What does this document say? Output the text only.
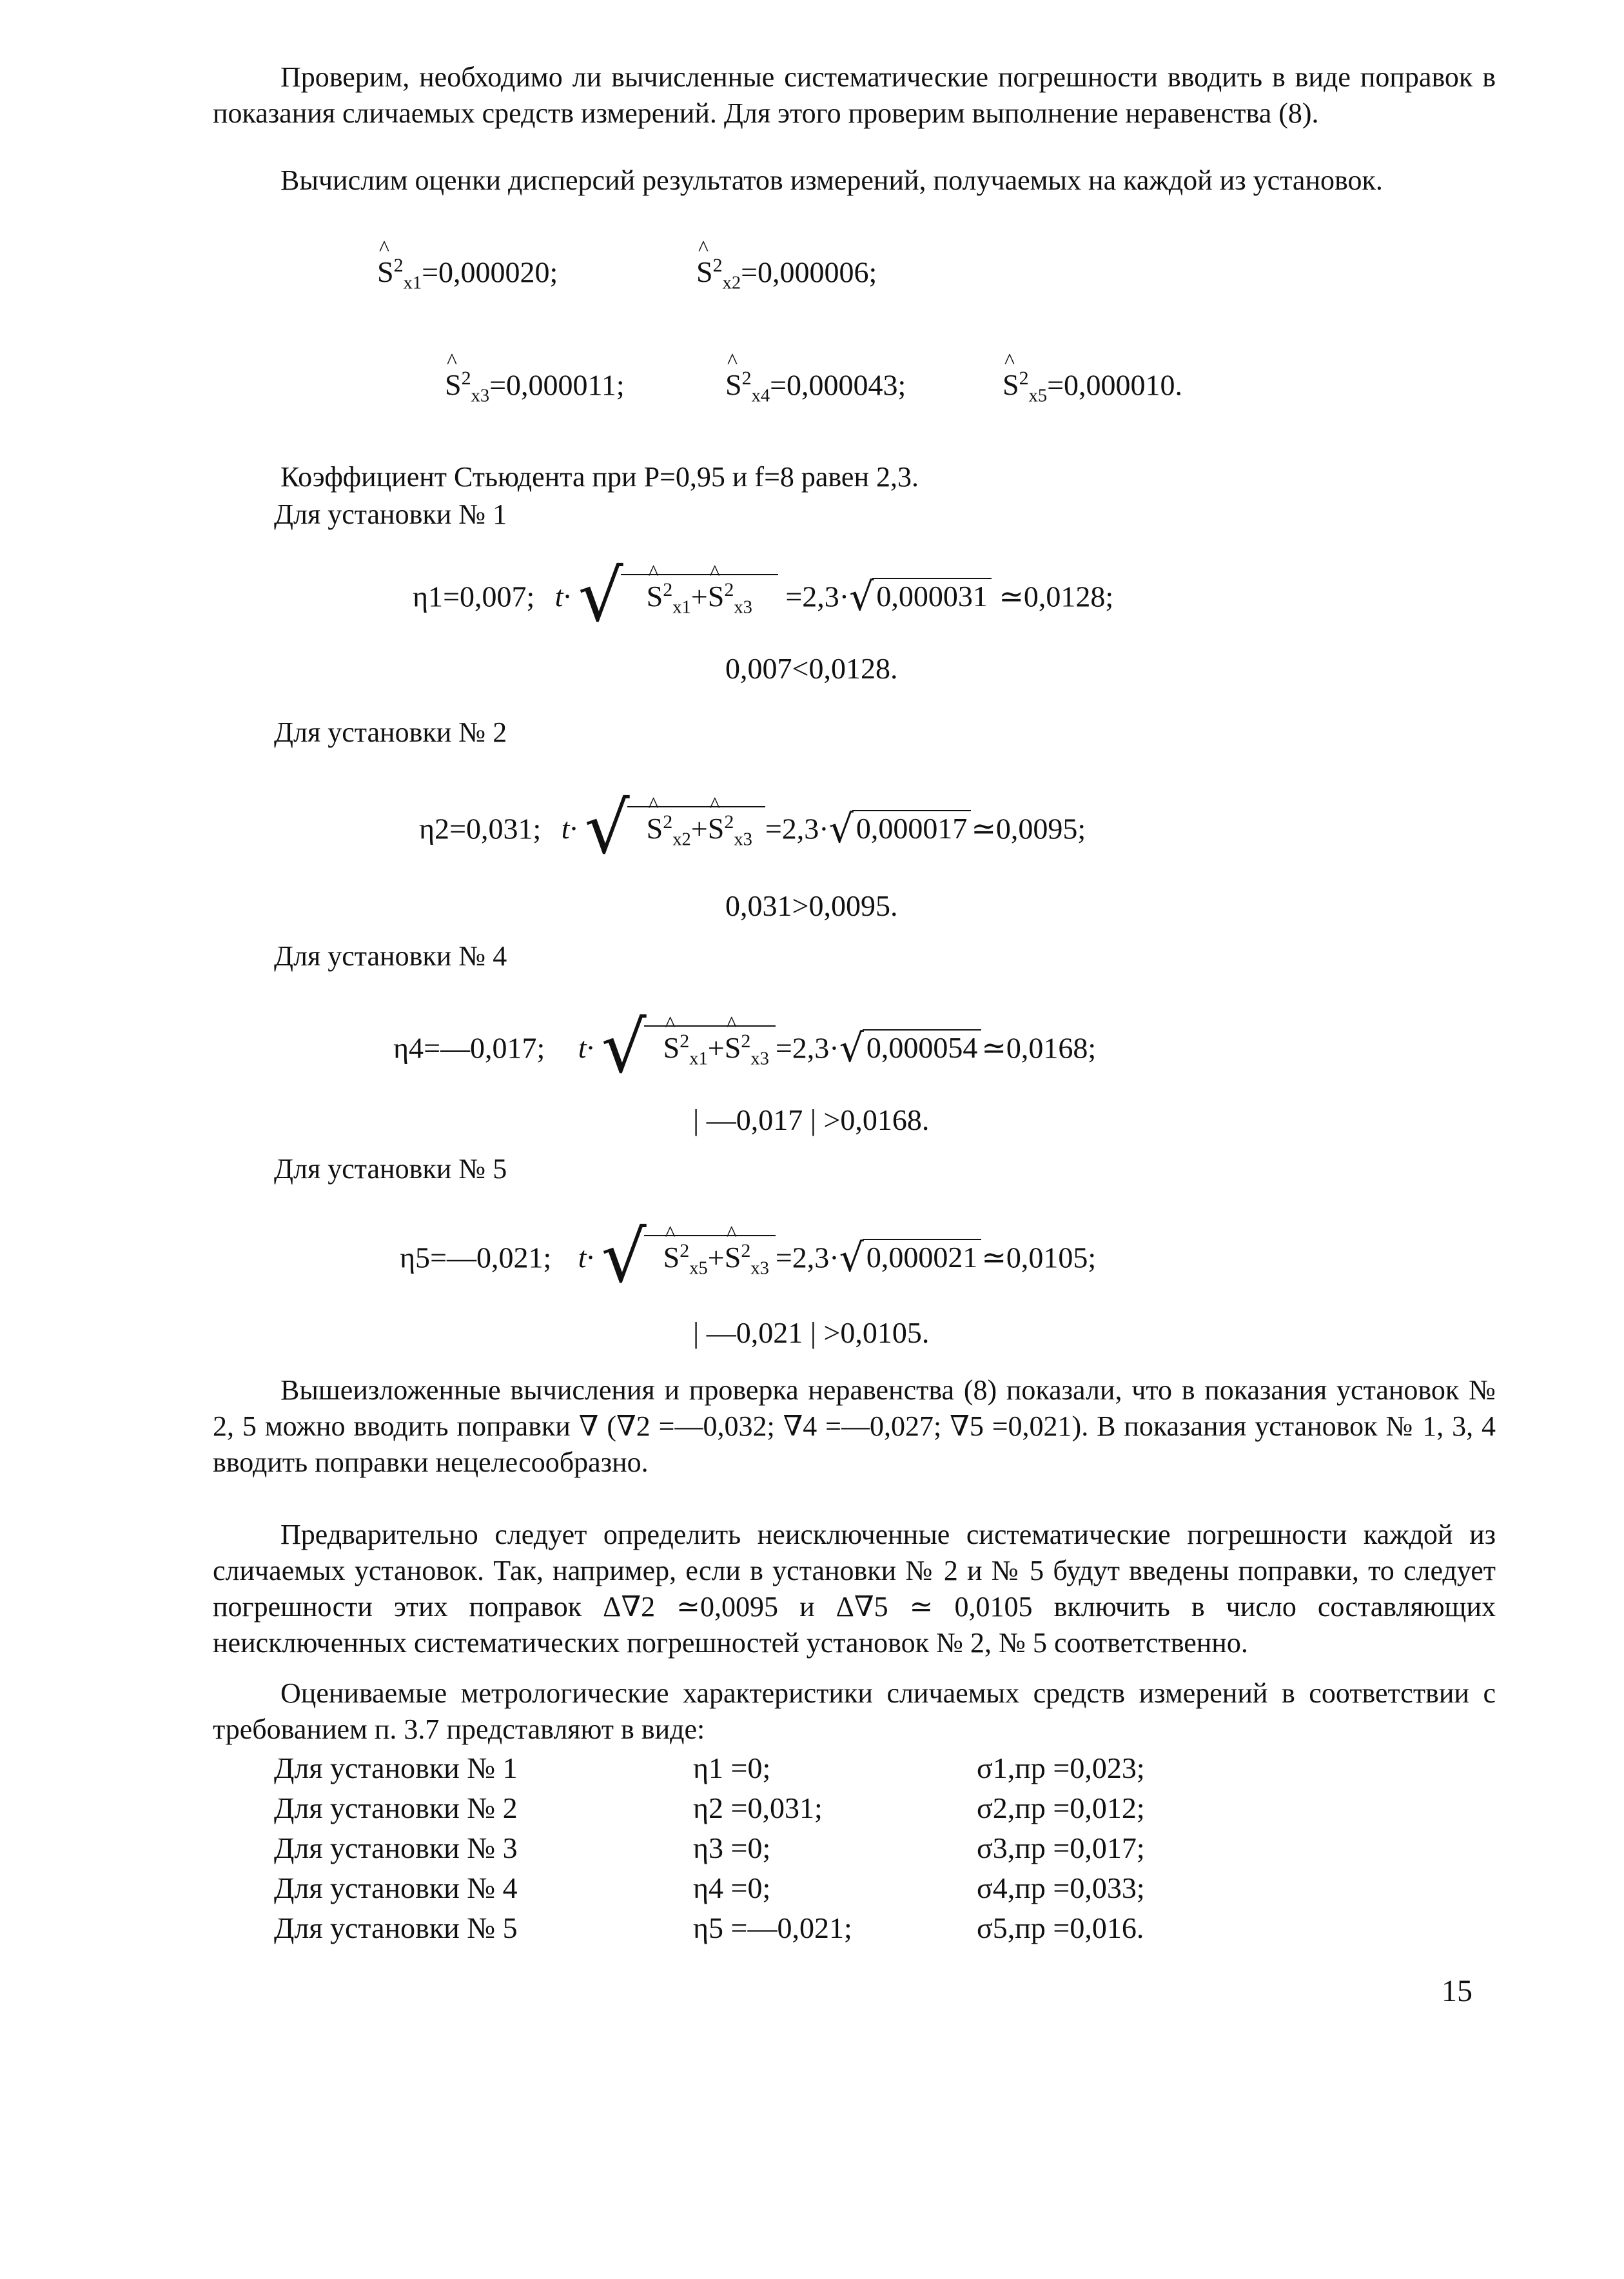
Проверим, необходимо ли вычисленные систематические погрешности вводить в виде поправок в показания сличаемых средств измерений. Для этого проверим выполнение неравенства (8).
Вычислим оценки дисперсий результатов измерений, получаемых на каждой из установок.
^ $S^2_{x1}=0,000020$;	^ $S^2_{x2}=0,000006$;
^ $S^2_{x3}=0,000011$;	^ $S^2_{x4}=0,000043$;	^ $S^2_{x5}=0,000010$.
Коэффициент Стьюдента при P=0,95 и f=8 равен 2,3.
Для установки № 1
η1=0,007; t· √ ^ $S^2_{x1}+\^{}$ $S^2_{x3} =2,3\cdot√0,000031$ ≃0,0128;
0,007<0,0128.
Для установки № 2
η2=0,031; t· √ ^ $S^2_{x2}+\^{}$ $S^2_{x3} =2,3\cdot√0,000017$ ≃0,0095;
0,031>0,0095.
Для установки № 4
η4=—0,017; t· √ ^ $S^2_{x1}+\^{}$ $S^2_{x3} =2,3\cdot√0,000054$ ≃0,0168;
| —0,017 | >0,0168.
Для установки № 5
η5=—0,021; t· √ ^ $S^2_{x5}+\^{}$ $S^2_{x3} =2,3\cdot√0,000021$ ≃0,0105;
| —0,021 | >0,0105.
Вышеизложенные вычисления и проверка неравенства (8) показали, что в показания установок № 2, 5 можно вводить поправки ∇ (∇2 =—0,032; ∇4 =—0,027; ∇5 =0,021). В показания установок № 1, 3, 4 вводить поправки нецелесообразно.
Предварительно следует определить неисключенные систематические погрешности каждой из сличаемых установок. Так, например, если в установки № 2 и № 5 будут введены поправки, то следует погрешности этих поправок Δ∇2 ≃0,0095 и Δ∇5 ≃ 0,0105 включить в число составляющих неисключенных систематических погрешностей установок № 2, № 5 соответственно.
Оцениваемые метрологические характеристики сличаемых средств измерений в соответствии с требованием п. 3.7 представляют в виде:
Для установки № 1	η1 =0;	σ1,пр =0,023;
Для установки № 2	η2 =0,031;	σ2,пр =0,012;
Для установки № 3	η3 =0;	σ3,пр =0,017;
Для установки № 4	η4 =0;	σ4,пр =0,033;
Для установки № 5	η5 =—0,021;	σ5,пр =0,016.
15
